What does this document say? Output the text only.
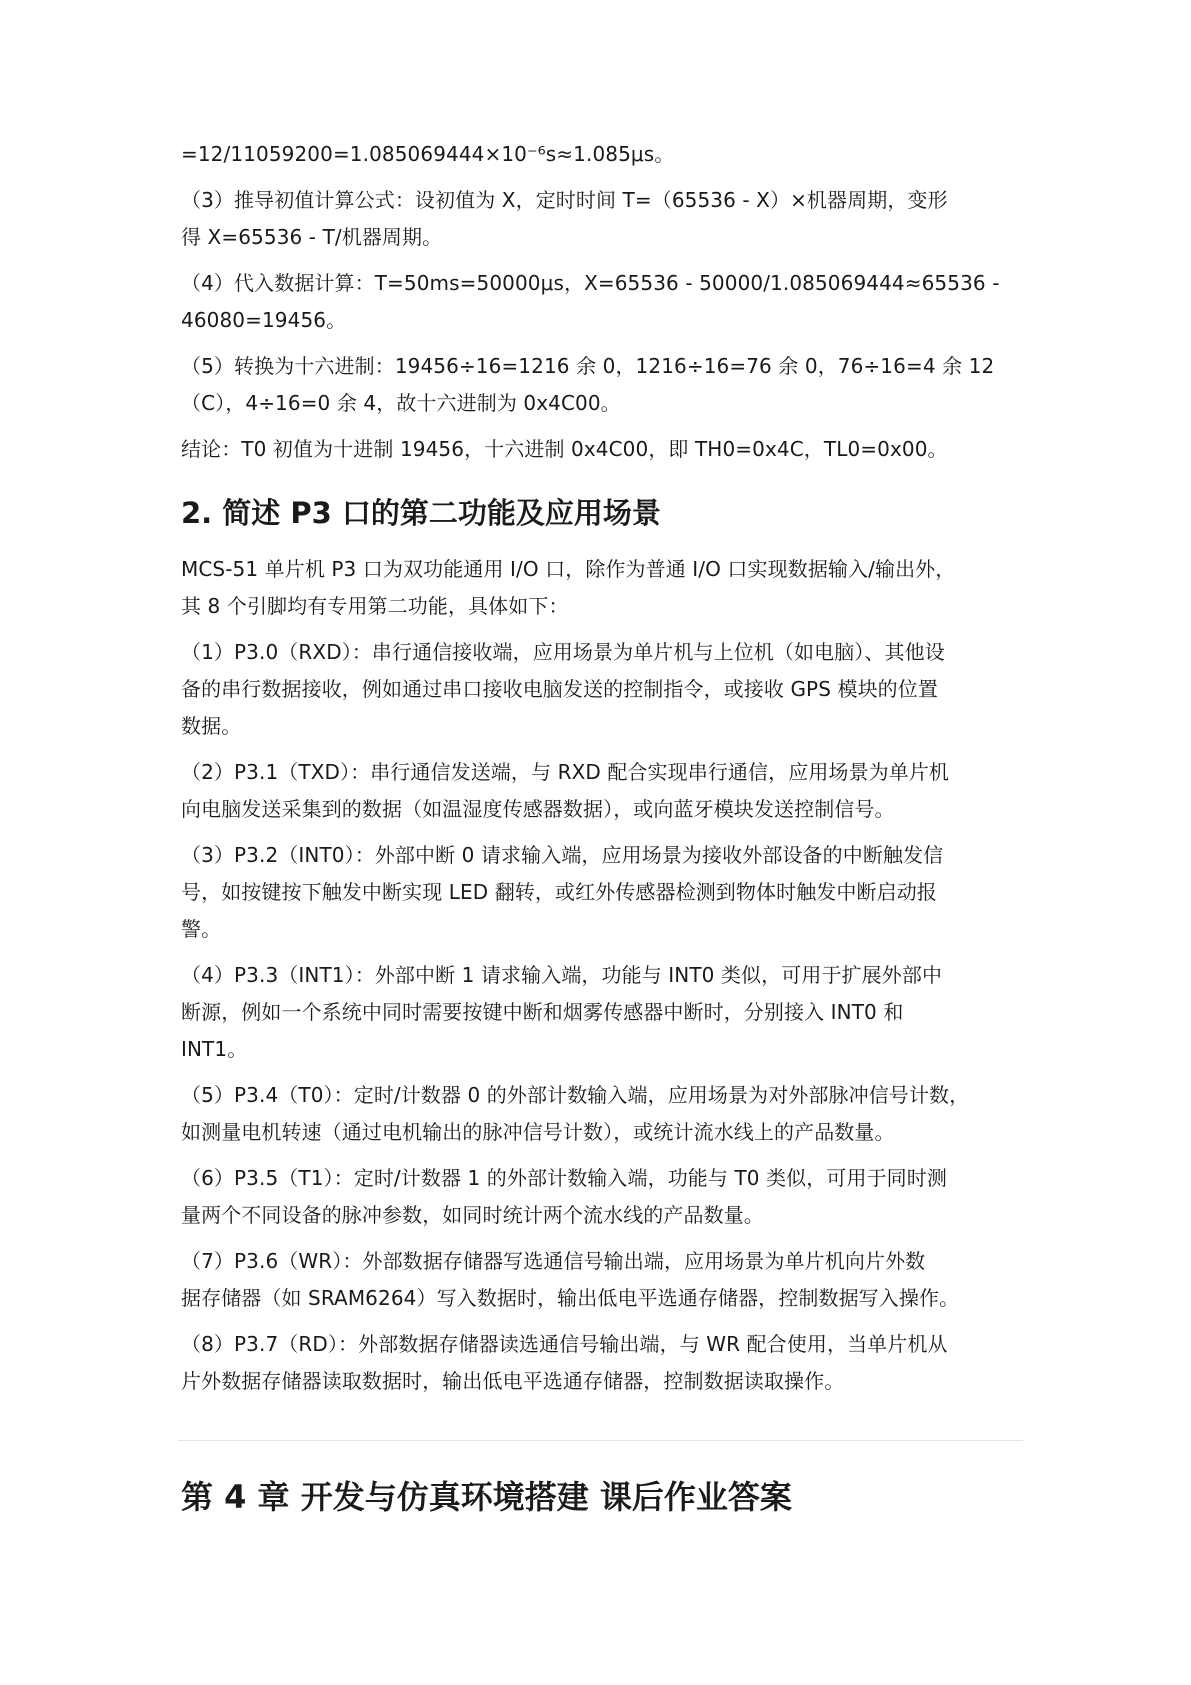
=12/11059200=1.085069444×10⁻⁶s≈1.085μs。
（3）推导初值计算公式：设初值为 X，定时时间 T=（65536 - X）×机器周期，变形
得 X=65536 - T/机器周期。
（4）代入数据计算：T=50ms=50000μs，X=65536 - 50000/1.085069444≈65536 -
46080=19456。
（5）转换为十六进制：19456÷16=1216 余 0，1216÷16=76 余 0，76÷16=4 余 12
（C），4÷16=0 余 4，故十六进制为 0x4C00。
结论：T0 初值为十进制 19456，十六进制 0x4C00，即 TH0=0x4C，TL0=0x00。
2. 简述 P3 口的第二功能及应用场景
MCS-51 单片机 P3 口为双功能通用 I/O 口，除作为普通 I/O 口实现数据输入/输出外，
其 8 个引脚均有专用第二功能，具体如下：
（1）P3.0（RXD）：串行通信接收端，应用场景为单片机与上位机（如电脑）、其他设
备的串行数据接收，例如通过串口接收电脑发送的控制指令，或接收 GPS 模块的位置
数据。
（2）P3.1（TXD）：串行通信发送端，与 RXD 配合实现串行通信，应用场景为单片机
向电脑发送采集到的数据（如温湿度传感器数据），或向蓝牙模块发送控制信号。
（3）P3.2（INT0）：外部中断 0 请求输入端，应用场景为接收外部设备的中断触发信
号，如按键按下触发中断实现 LED 翻转，或红外传感器检测到物体时触发中断启动报
警。
（4）P3.3（INT1）：外部中断 1 请求输入端，功能与 INT0 类似，可用于扩展外部中
断源，例如一个系统中同时需要按键中断和烟雾传感器中断时，分别接入 INT0 和
INT1。
（5）P3.4（T0）：定时/计数器 0 的外部计数输入端，应用场景为对外部脉冲信号计数，
如测量电机转速（通过电机输出的脉冲信号计数），或统计流水线上的产品数量。
（6）P3.5（T1）：定时/计数器 1 的外部计数输入端，功能与 T0 类似，可用于同时测
量两个不同设备的脉冲参数，如同时统计两个流水线的产品数量。
（7）P3.6（WR）：外部数据存储器写选通信号输出端，应用场景为单片机向片外数
据存储器（如 SRAM6264）写入数据时，输出低电平选通存储器，控制数据写入操作。
（8）P3.7（RD）：外部数据存储器读选通信号输出端，与 WR 配合使用，当单片机从
片外数据存储器读取数据时，输出低电平选通存储器，控制数据读取操作。
第 4 章 开发与仿真环境搭建 课后作业答案
